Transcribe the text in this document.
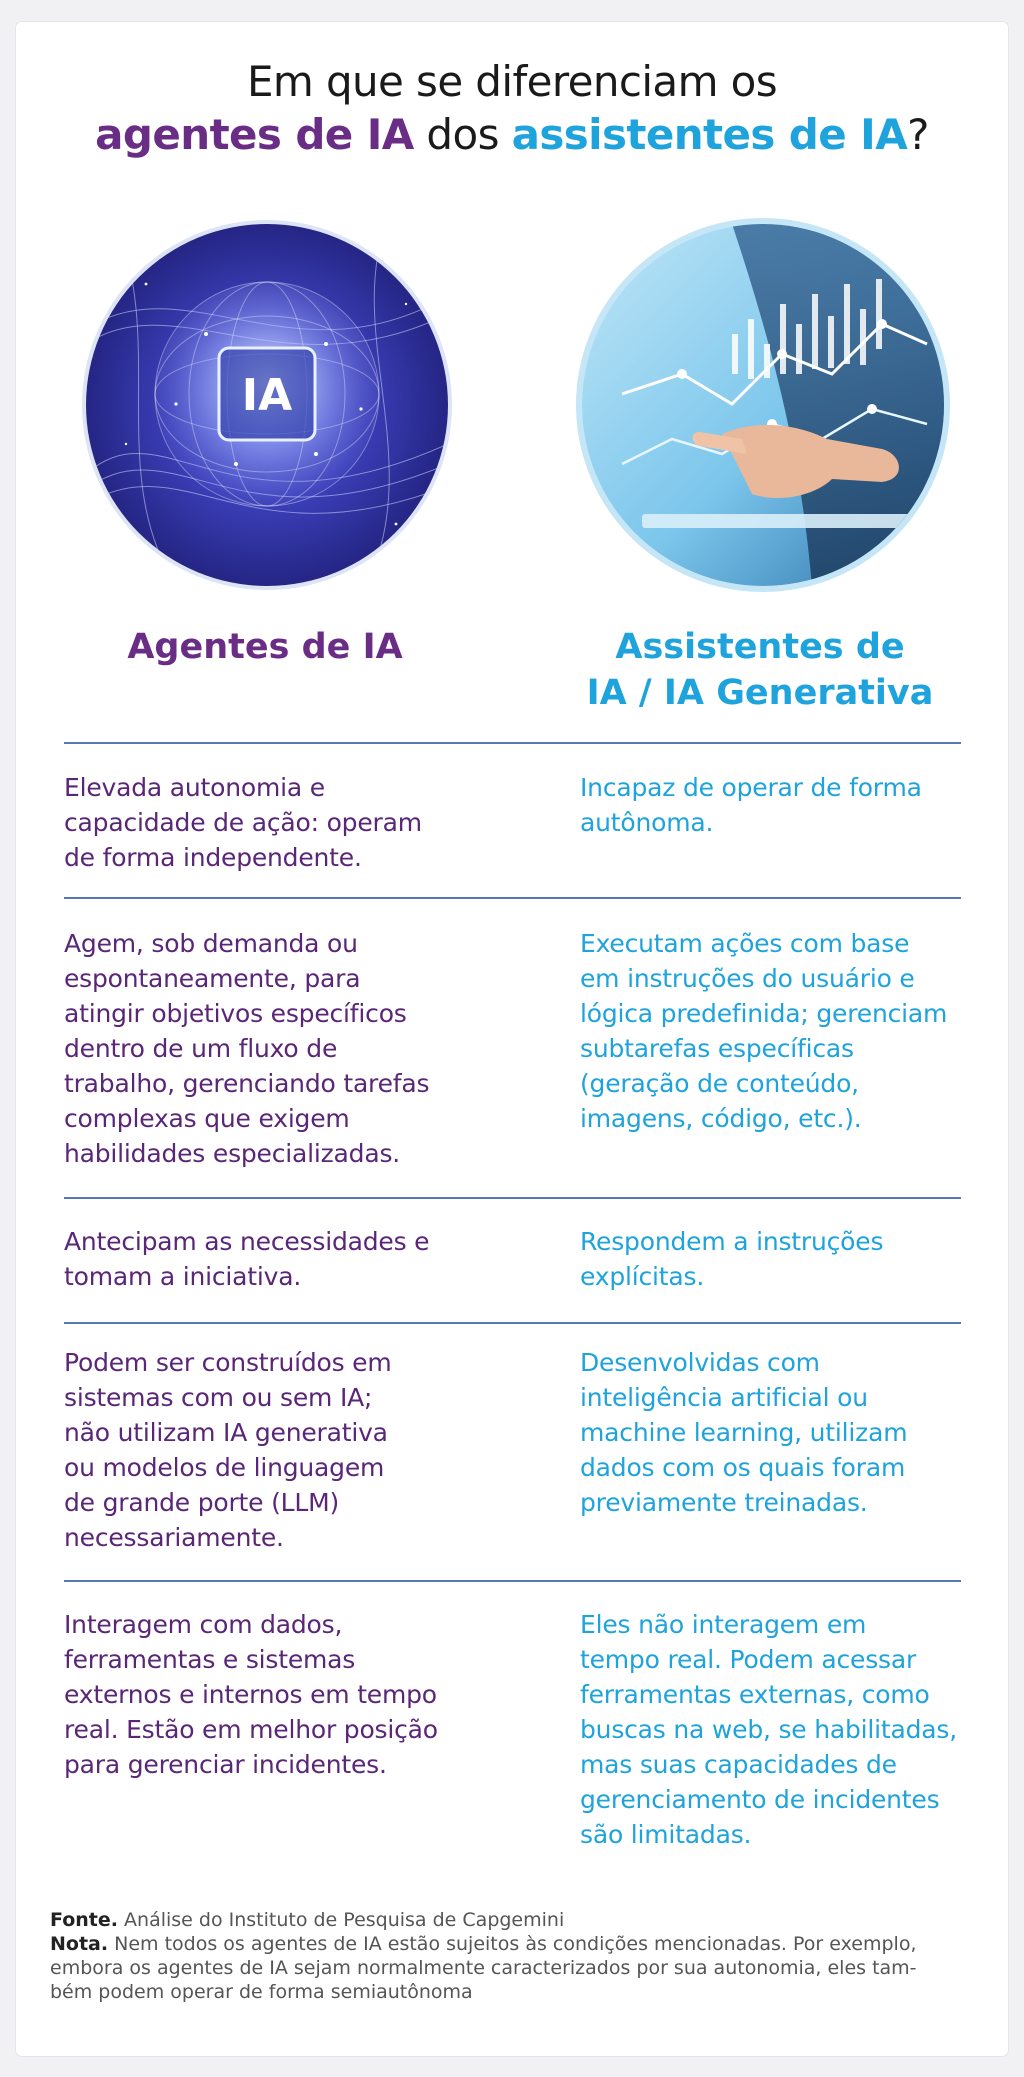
Em que se diferenciam os
agentes de IA dos assistentes de IA?
IA
Agentes de IA	Assistentes de
IA / IA Generativa
Elevada autonomia e
capacidade de ação: operam
de forma independente.
Incapaz de operar de forma
autônoma.
Agem, sob demanda ou
espontaneamente, para
atingir objetivos específicos
dentro de um fluxo de
trabalho, gerenciando tarefas
complexas que exigem
habilidades especializadas.
Executam ações com base
em instruções do usuário e
lógica predefinida; gerenciam
subtarefas específicas
(geração de conteúdo,
imagens, código, etc.).
Antecipam as necessidades e
tomam a iniciativa.
Respondem a instruções
explícitas.
Podem ser construídos em
sistemas com ou sem IA;
não utilizam IA generativa
ou modelos de linguagem
de grande porte (LLM)
necessariamente.
Desenvolvidas com
inteligência artificial ou
machine learning, utilizam
dados com os quais foram
previamente treinadas.
Interagem com dados,
ferramentas e sistemas
externos e internos em tempo
real. Estão em melhor posição
para gerenciar incidentes.
Eles não interagem em
tempo real. Podem acessar
ferramentas externas, como
buscas na web, se habilitadas,
mas suas capacidades de
gerenciamento de incidentes
são limitadas.
Fonte. Análise do Instituto de Pesquisa de Capgemini
Nota. Nem todos os agentes de IA estão sujeitos às condições mencionadas. Por exemplo,
embora os agentes de IA sejam normalmente caracterizados por sua autonomia, eles tam-
bém podem operar de forma semiautônoma
